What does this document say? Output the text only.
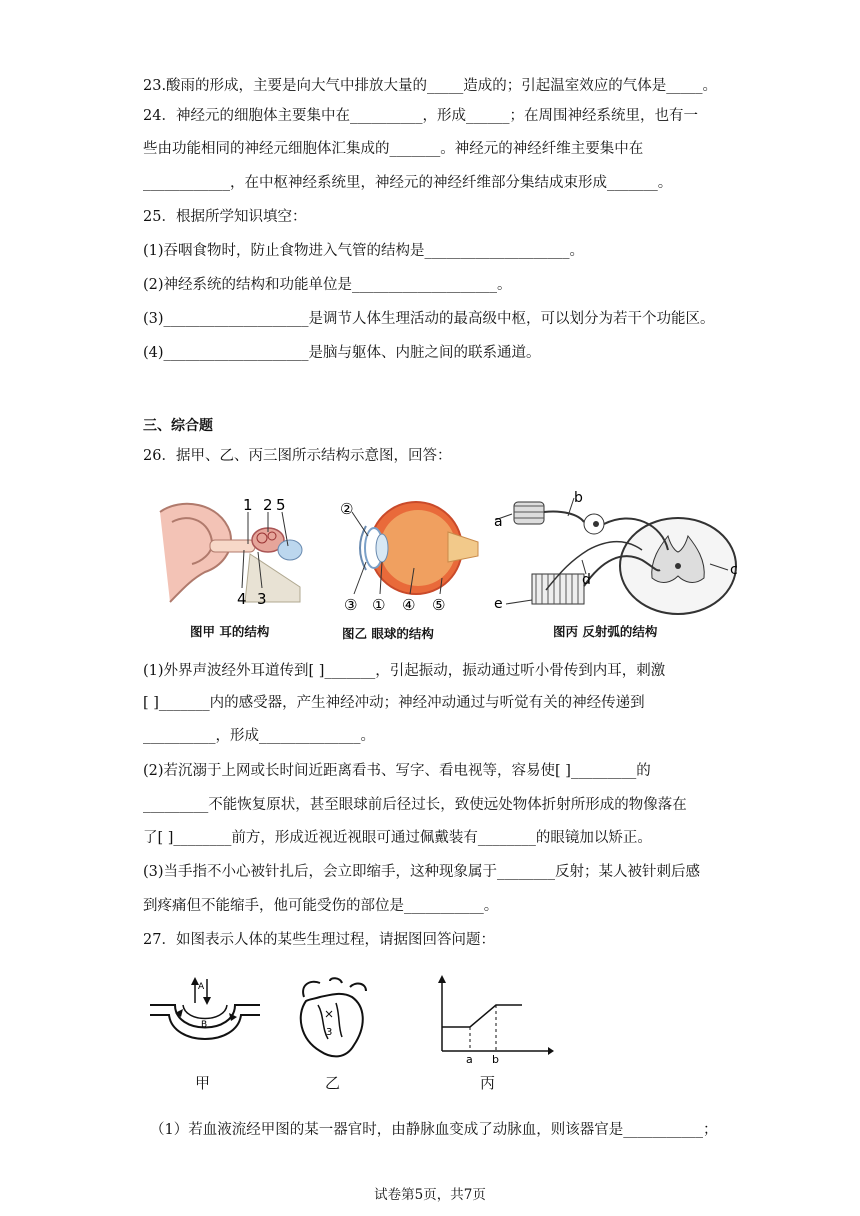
23.酸雨的形成，主要是向大气中排放大量的_____造成的；引起温室效应的气体是_____。
24．神经元的细胞体主要集中在__________，形成______；在周围神经系统里，也有一
些由功能相同的神经元细胞体汇集成的_______。神经元的神经纤维主要集中在
____________，在中枢神经系统里，神经元的神经纤维部分集结成束形成_______。
25．根据所学知识填空：
(1)吞咽食物时，防止食物进入气管的结构是____________________。
(2)神经系统的结构和功能单位是____________________。
(3)____________________是调节人体生理活动的最高级中枢，可以划分为若干个功能区。
(4)____________________是脑与躯体、内脏之间的联系通道。
三、综合题
26．据甲、乙、丙三图所示结构示意图，回答：
1 2 5
4 3
图甲 耳的结构
②
③ ① ④ ⑤
图乙 眼球的结构
a
b
c
d
e
图丙 反射弧的结构
(1)外界声波经外耳道传到[ ]_______，引起振动，振动通过听小骨传到内耳，刺激
[ ]_______内的感受器，产生神经冲动；神经冲动通过与听觉有关的神经传递到
__________，形成______________。
(2)若沉溺于上网或长时间近距离看书、写字、看电视等，容易使[ ]_________的
_________不能恢复原状，甚至眼球前后径过长，致使远处物体折射所形成的物像落在
了[ ]________前方，形成近视近视眼可通过佩戴装有________的眼镜加以矫正。
(3)当手指不小心被针扎后，会立即缩手，这种现象属于________反射；某人被针刺后感
到疼痛但不能缩手，他可能受伤的部位是___________。
27．如图表示人体的某些生理过程，请据图回答问题：
A
B
甲
3
乙
a b
丙
（1）若血液流经甲图的某一器官时，由静脉血变成了动脉血，则该器官是___________；
试卷第5页，共7页
